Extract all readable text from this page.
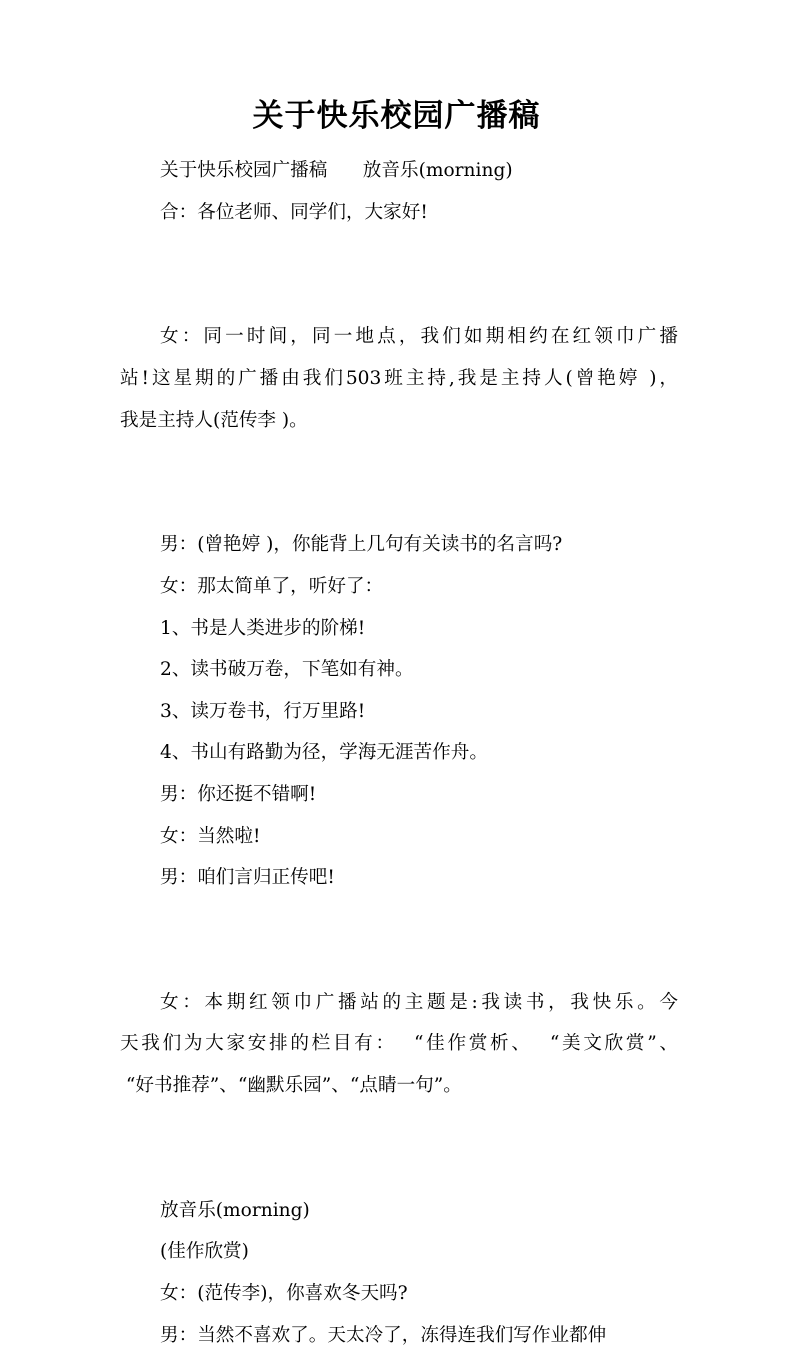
关于快乐校园广播稿

关于快乐校园广播稿      放音乐(morning)

合：各位老师、同学们，大家好!

女：同一时间，同一地点，我们如期相约在红领巾广播
站!这星期的广播由我们503班主持,我是主持人(曾艳婷 )，
我是主持人(范传李 )。

男：(曾艳婷 )，你能背上几句有关读书的名言吗?

女：那太简单了，听好了：

1、书是人类进步的阶梯!

2、读书破万卷，下笔如有神。

3、读万卷书，行万里路!

4、书山有路勤为径，学海无涯苦作舟。

男：你还挺不错啊!

女：当然啦!

男：咱们言归正传吧!

女：本期红领巾广播站的主题是:我读书，我快乐。今
天我们为大家安排的栏目有：  “佳作赏析、  “美文欣赏”、
“好书推荐”、“幽默乐园”、“点睛一句”。

放音乐(morning)

(佳作欣赏)

女：(范传李)，你喜欢冬天吗?

男：当然不喜欢了。天太冷了，冻得连我们写作业都伸
